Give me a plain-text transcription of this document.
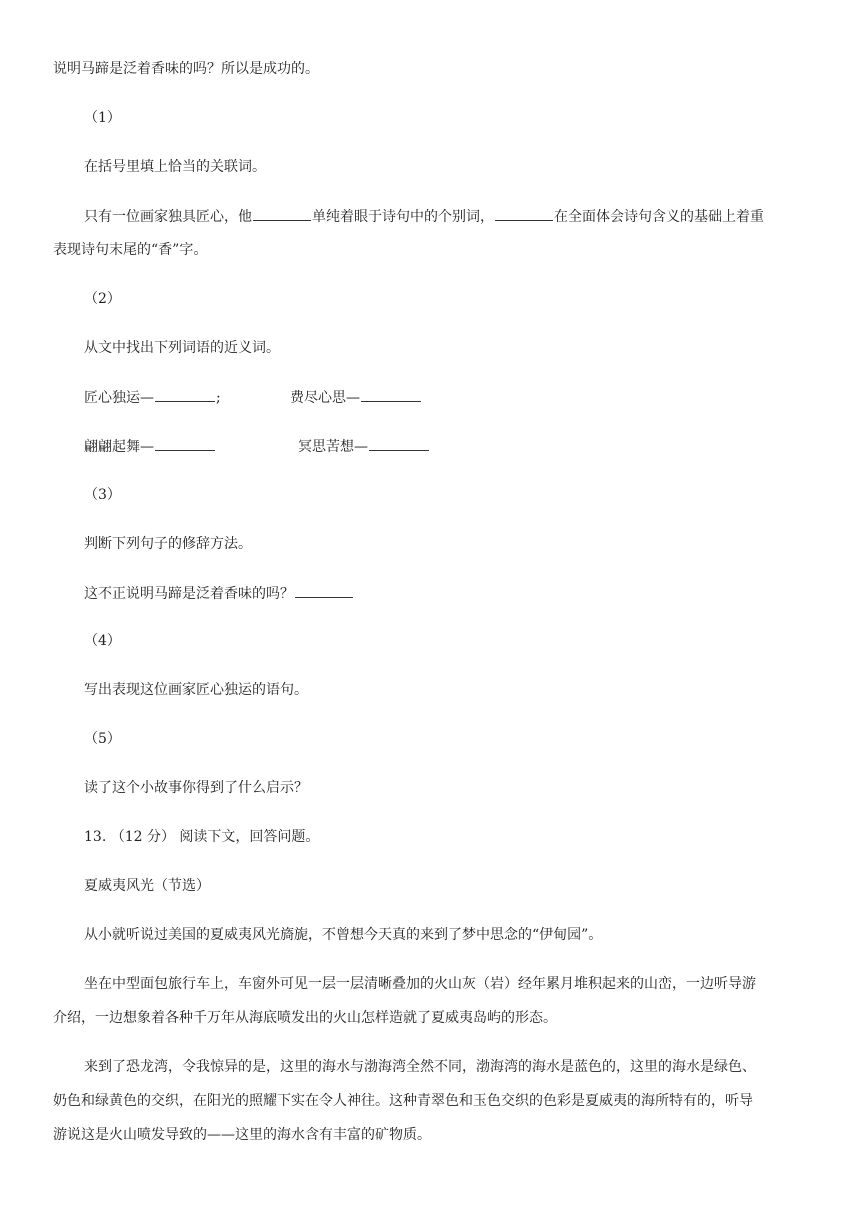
说明马蹄是泛着香味的吗？所以是成功的。
（1）
在括号里填上恰当的关联词。
只有一位画家独具匠心，他	单纯着眼于诗句中的个别词，	在全面体会诗句含义的基础上着重
表现诗句末尾的“香”字。
（2）
从文中找出下列词语的近义词。
匠心独运—	;	费尽心思—
翩翩起舞—	冥思苦想—
（3）
判断下列句子的修辞方法。
这不正说明马蹄是泛着香味的吗？
（4）
写出表现这位画家匠心独运的语句。
（5）
读了这个小故事你得到了什么启示？
13. （12 分） 阅读下文，回答问题。
夏威夷风光（节选）
从小就听说过美国的夏威夷风光旖旎，不曾想今天真的来到了梦中思念的“伊甸园”。
坐在中型面包旅行车上，车窗外可见一层一层清晰叠加的火山灰（岩）经年累月堆积起来的山峦，一边听导游
介绍，一边想象着各种千万年从海底喷发出的火山怎样造就了夏威夷岛屿的形态。
来到了恐龙湾，令我惊异的是，这里的海水与渤海湾全然不同，渤海湾的海水是蓝色的，这里的海水是绿色、
奶色和绿黄色的交织，在阳光的照耀下实在令人神往。这种青翠色和玉色交织的色彩是夏威夷的海所特有的，听导
游说这是火山喷发导致的——这里的海水含有丰富的矿物质。
